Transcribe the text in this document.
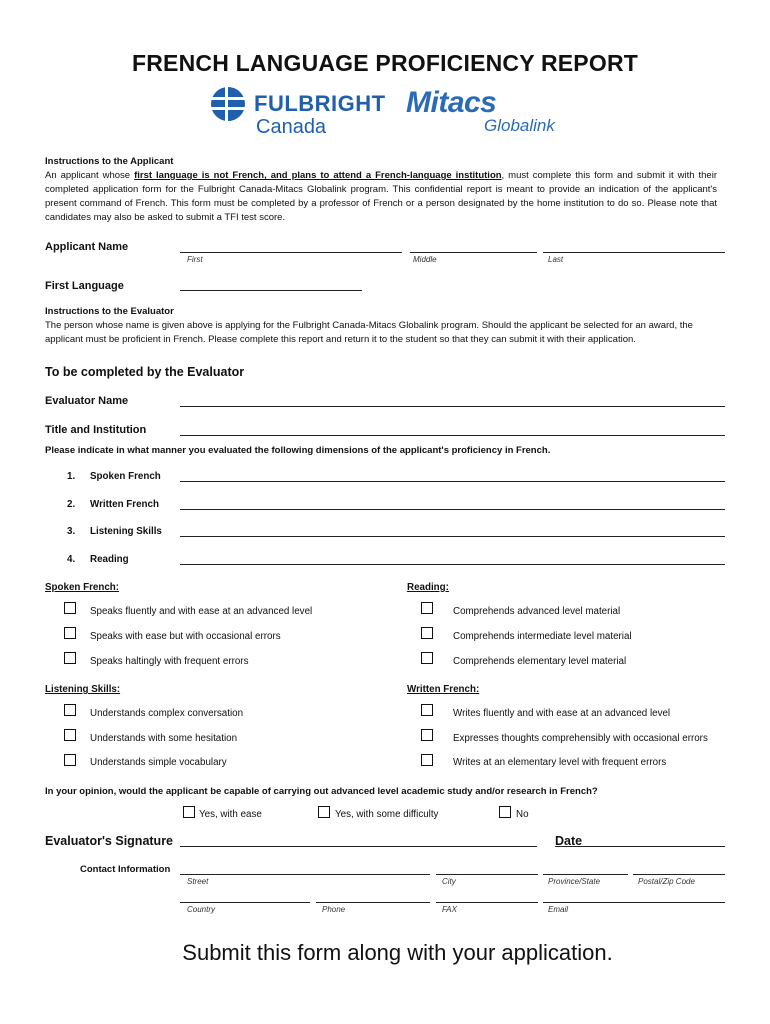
FRENCH LANGUAGE PROFICIENCY REPORT
FULBRIGHT
Canada
Mitacs
Globalink
Instructions to the Applicant
An applicant whose first language is not French, and plans to attend a French-language institution, must complete this form and submit it with their completed application form for the Fulbright Canada-Mitacs Globalink program. This confidential report is meant to provide an indication of the applicant's present command of French. This form must be completed by a professor of French or a person designated by the home institution to do so. Please note that candidates may also be asked to submit a TFI test score.
Applicant Name
First	Middle	Last
First Language
Instructions to the Evaluator
The person whose name is given above is applying for the Fulbright Canada-Mitacs Globalink program. Should the applicant be selected for an award, the applicant must be proficient in French. Please complete this report and return it to the student so that they can submit it with their application.
To be completed by the Evaluator
Evaluator Name
Title and Institution
Please indicate in what manner you evaluated the following dimensions of the applicant's proficiency in French.
1. Spoken French
2. Written French
3. Listening Skills
4. Reading
Spoken French:
Speaks fluently and with ease at an advanced level
Speaks with ease but with occasional errors
Speaks haltingly with frequent errors
Reading:
Comprehends advanced level material
Comprehends intermediate level material
Comprehends elementary level material
Listening Skills:
Understands complex conversation
Understands with some hesitation
Understands simple vocabulary
Written French:
Writes fluently and with ease at an advanced level
Expresses thoughts comprehensibly with occasional errors
Writes at an elementary level with frequent errors
In your opinion, would the applicant be capable of carrying out advanced level academic study and/or research in French?
Yes, with ease	Yes, with some difficulty	No
Evaluator's Signature	Date
Contact Information
Street	City	Province/State	Postal/Zip Code
Country	Phone	FAX	Email
Submit this form along with your application.
